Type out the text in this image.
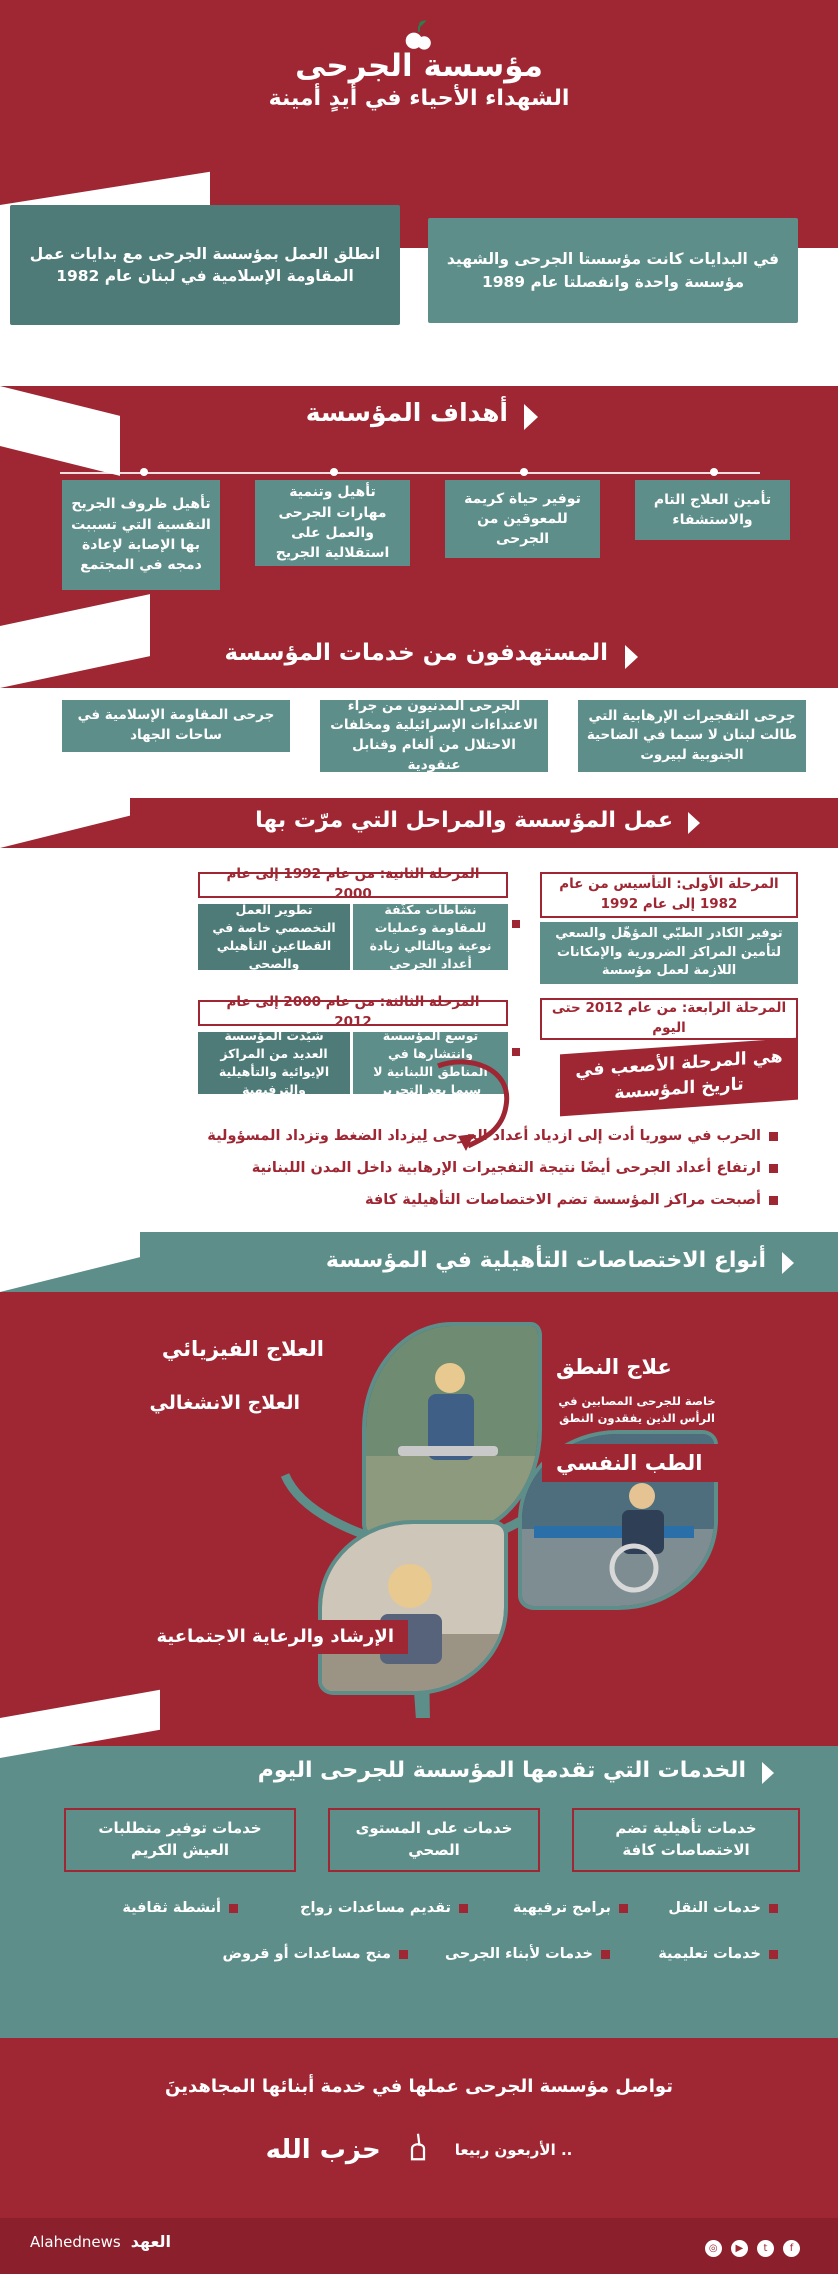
مؤسسة الجرحى
الشهداء الأحياء في أيدٍ أمينة
انطلق العمل بمؤسسة الجرحى مع بدايات عمل المقاومة الإسلامية في لبنان عام 1982
في البدايات كانت مؤسستا الجرحى والشهيد مؤسسة واحدة وانفصلتا عام 1989
أهداف المؤسسة
تأمين العلاج التام والاستشفاء
توفير حياة كريمة للمعوقين من الجرحى
تأهيل وتنمية مهارات الجرحى والعمل على استقلالية الجريح
تأهيل ظروف الجريح النفسية التي تسببت بها الإصابة لإعادة دمجه في المجتمع
المستهدفون من خدمات المؤسسة
جرحى المقاومة الإسلامية في ساحات الجهاد
الجرحى المدنيون من جراء الاعتداءات الإسرائيلية ومخلفات الاحتلال من ألغام وقنابل عنقودية
جرحى التفجيرات الإرهابية التي طالت لبنان لا سيما في الضاحية الجنوبية لبيروت
عمل المؤسسة والمراحل التي مرّت بها
المرحلة الأولى: التأسيس من عام 1982 إلى عام 1992
توفير الكادر الطبّي المؤهّل والسعي لتأمين المراكز الضرورية والإمكانات اللازمة لعمل مؤسسة
المرحلة الثانية: من عام 1992 إلى عام 2000
نشاطات مكثّفة للمقاومة وعمليات نوعية وبالتالي زيادة أعداد الجرحى
تطوير العمل التخصصي خاصة في القطاعين التأهيلي والصحي
المرحلة الثالثة: من عام 2000 إلى عام 2012
توسع المؤسسة وانتشارها في المناطق اللبنانية لا سيما بعد التحرير
شيّدت المؤسسة العديد من المراكز الإيوائية والتأهيلية والترفيهية
المرحلة الرابعة: من عام 2012 حتى اليوم
هي المرحلة الأصعب في تاريخ المؤسسة
الحرب في سوريا أدت إلى ازدياد أعداد الجرحى لِيزداد الضغط وتزداد المسؤولية
ارتفاع أعداد الجرحى أيضًا نتيجة التفجيرات الإرهابية داخل المدن اللبنانية
أصبحت مراكز المؤسسة تضم الاختصاصات التأهيلية كافة
أنواع الاختصاصات التأهيلية في المؤسسة
العلاج الفيزيائي
العلاج الانشغالي
الإرشاد والرعاية الاجتماعية
علاج النطق
خاصة للجرحى المصابين في الرأس الذين يفقدون النطق
الطب النفسي
الخدمات التي تقدمها المؤسسة للجرحى اليوم
خدمات تأهيلية تضم الاختصاصات كافة
خدمات على المستوى الصحي
خدمات توفير متطلبات العيش الكريم
خدمات النقل
برامج ترفيهية
تقديم مساعدات زواج
أنشطة ثقافية
خدمات تعليمية
خدمات لأبناء الجرحى
منح مساعدات أو قروض
تواصل مؤسسة الجرحى عملها في خدمة أبنائها المجاهدينَ
.. الأربعون ربيعا
حزب الله
f t ▶ ◎
العهد
Alahednews
